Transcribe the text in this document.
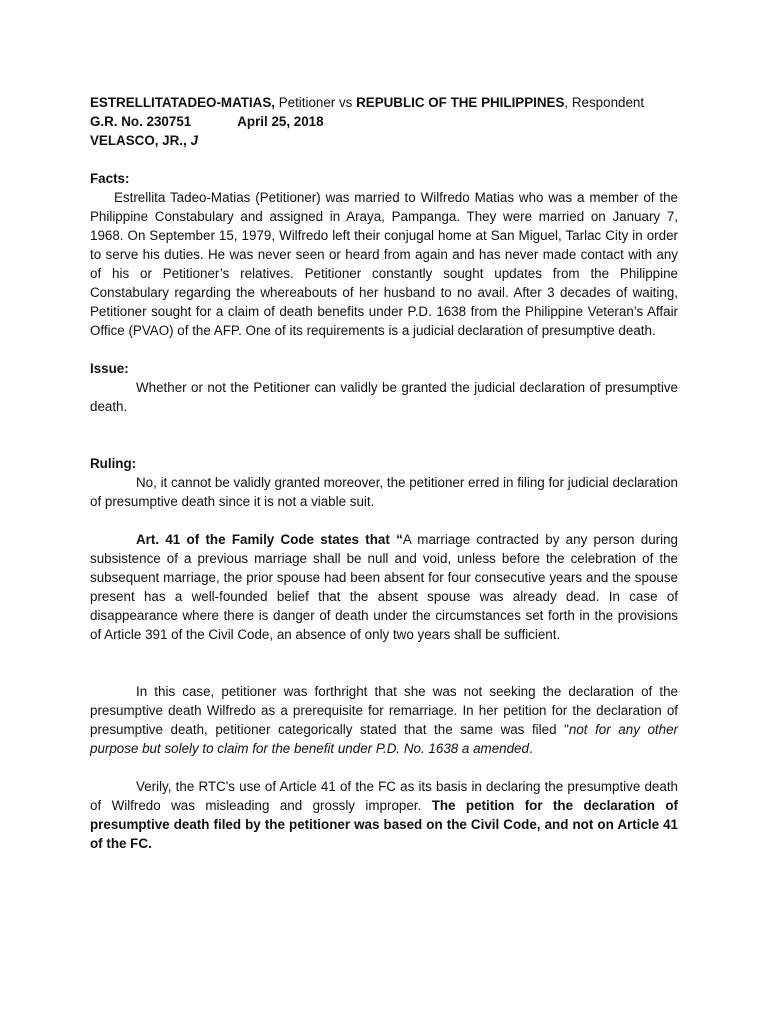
ESTRELLITATADEO-MATIAS, Petitioner vs REPUBLIC OF THE PHILIPPINES, Respondent
G.R. No. 230751	April 25, 2018
VELASCO, JR., J
Facts:

Estrellita Tadeo-Matias (Petitioner) was married to Wilfredo Matias who was a member of the Philippine Constabulary and assigned in Araya, Pampanga. They were married on January 7, 1968. On September 15, 1979, Wilfredo left their conjugal home at San Miguel, Tarlac City in order to serve his duties. He was never seen or heard from again and has never made contact with any of his or Petitioner’s relatives. Petitioner constantly sought updates from the Philippine Constabulary regarding the whereabouts of her husband to no avail. After 3 decades of waiting, Petitioner sought for a claim of death benefits under P.D. 1638 from the Philippine Veteran’s Affair Office (PVAO) of the AFP. One of its requirements is a judicial declaration of presumptive death.

Issue:

Whether or not the Petitioner can validly be granted the judicial declaration of presumptive death.

Ruling:

No, it cannot be validly granted moreover, the petitioner erred in filing for judicial declaration of presumptive death since it is not a viable suit.

Art. 41 of the Family Code states that “A marriage contracted by any person during subsistence of a previous marriage shall be null and void, unless before the celebration of the subsequent marriage, the prior spouse had been absent for four consecutive years and the spouse present has a well-founded belief that the absent spouse was already dead. In case of disappearance where there is danger of death under the circumstances set forth in the provisions of Article 391 of the Civil Code, an absence of only two years shall be sufficient.

In this case, petitioner was forthright that she was not seeking the declaration of the presumptive death Wilfredo as a prerequisite for remarriage. In her petition for the declaration of presumptive death, petitioner categorically stated that the same was filed "not for any other purpose but solely to claim for the benefit under P.D. No. 1638 a amended.

Verily, the RTC's use of Article 41 of the FC as its basis in declaring the presumptive death of Wilfredo was misleading and grossly improper. The petition for the declaration of presumptive death filed by the petitioner was based on the Civil Code, and not on Article 41 of the FC.
